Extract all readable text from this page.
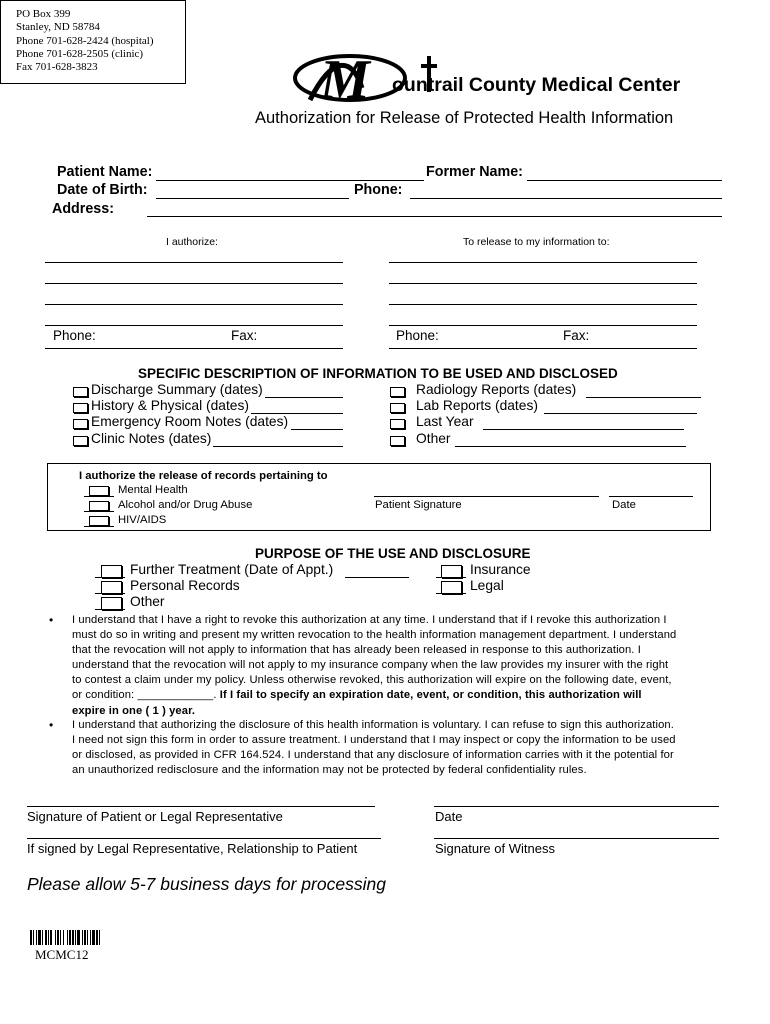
PO Box 399
Stanley, ND 58784
Phone 701-628-2424 (hospital)
Phone 701-628-2505 (clinic)
Fax 701-628-3823	M ountrail County Medical Center
Authorization for Release of Protected Health Information
Patient Name:	Former Name:
Date of Birth:	Phone:
Address:
I authorize:	To release to my information to:
Phone:	Fax:	Phone:	Fax:
SPECIFIC DESCRIPTION OF INFORMATION TO BE USED AND DISCLOSED
Discharge Summary (dates)
History & Physical (dates)
Emergency Room Notes (dates)
Clinic Notes (dates)
Radiology Reports (dates)
Lab Reports (dates)
Last Year
Other
I authorize the release of records pertaining to
Mental Health
Alcohol and/or Drug Abuse
HIV/AIDS
Patient Signature	Date
PURPOSE OF THE USE AND DISCLOSURE
Further Treatment (Date of Appt.)
Personal Records
Other
Insurance
Legal
• I understand that I have a right to revoke this authorization at any time. I understand that if I revoke this authorization I
must do so in writing and present my written revocation to the health information management department. I understand
that the revocation will not apply to information that has already been released in response to this authorization. I
understand that the revocation will not apply to my insurance company when the law provides my insurer with the right
to contest a claim under my policy. Unless otherwise revoked, this authorization will expire on the following date, event,
or condition: ____________. If I fail to specify an expiration date, event, or condition, this authorization will
expire in one ( 1 ) year.
• I understand that authorizing the disclosure of this health information is voluntary. I can refuse to sign this authorization.
I need not sign this form in order to assure treatment. I understand that I may inspect or copy the information to be used
or disclosed, as provided in CFR 164.524. I understand that any disclosure of information carries with it the potential for
an unauthorized redisclosure and the information may not be protected by federal confidentiality rules.
Signature of Patient or Legal Representative	Date
If signed by Legal Representative, Relationship to Patient	Signature of Witness
Please allow 5-7 business days for processing
MCMC12
